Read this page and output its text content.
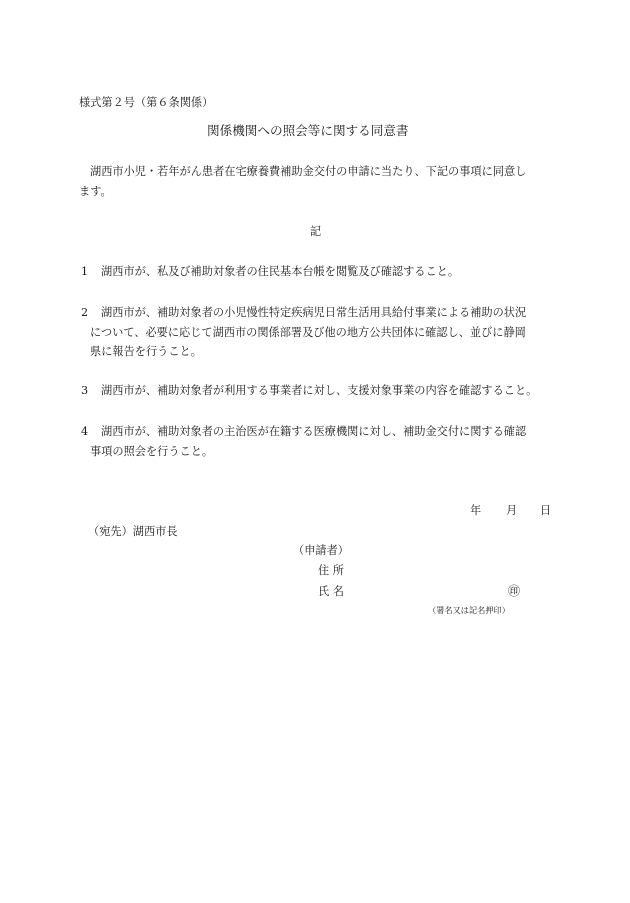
様式第２号（第６条関係）
関係機関への照会等に関する同意書
湖西市小児・若年がん患者在宅療養費補助金交付の申請に当たり、下記の事項に同意し
ます。
記
1 湖西市が、私及び補助対象者の住民基本台帳を閲覧及び確認すること。
2 湖西市が、補助対象者の小児慢性特定疾病児日常生活用具給付事業による補助の状況
について、必要に応じて湖西市の関係部署及び他の地方公共団体に確認し、並びに静岡
県に報告を行うこと。
3 湖西市が、補助対象者が利用する事業者に対し、支援対象事業の内容を確認すること。
4 湖西市が、補助対象者の主治医が在籍する医療機関に対し、補助金交付に関する確認
事項の照会を行うこと。
年 月 日
（宛先）湖西市長
（申請者）
住 所
氏 名	㊞
（署名又は記名押印）
